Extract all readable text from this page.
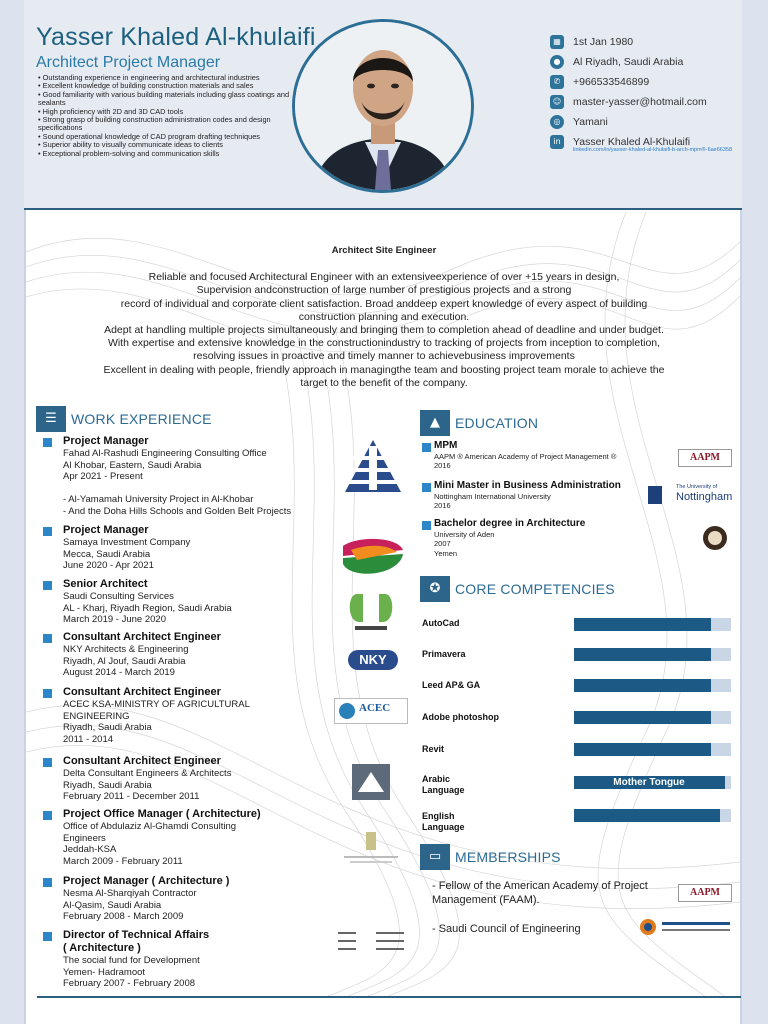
Yasser Khaled Al-khulaifi
Architect Project Manager
• Outstanding experience in engineering and architectural industries
• Excellent knowledge of building construction materials and sales
• Good familiarity with various building materials including glass coatings and sealants
• High proficiency with 2D and 3D CAD tools
• Strong grasp of building construction administration codes and design specifications
• Sound operational knowledge of CAD program drafting techniques
• Superior ability to visually communicate ideas to clients
• Exceptional problem-solving and communication skills
▦	1st Jan 1980
●	Al Riyadh, Saudi Arabia
✆	+966533546899
☺ master-yasser@hotmail.com
◎	Yamani
in	Yasser Khaled Al-Khulaifi
linkedin.com/in/yasser-khaled-al-khulaifi-b-arch-mpm®-6ae66358
Architect Site Engineer
Reliable and focused Architectural Engineer with an extensiveexperience of over +15 years in design,
Supervision andconstruction of large number of prestigious projects and a strong
record of individual and corporate client satisfaction. Broad anddeep expert knowledge of every aspect of building
construction planning and execution.
Adept at handling multiple projects simultaneously and bringing them to completion ahead of deadline and under budget.
With expertise and extensive knowledge in the constructionindustry to tracking of projects from inception to completion,
resolving issues in proactive and timely manner to achievebusiness improvements
Excellent in dealing with people, friendly approach in managingthe team and boosting project team morale to achieve the
target to the benefit of the company.
☰	WORK EXPERIENCE
Project Manager
Fahad Al-Rashudi Engineering Consulting Office
Al Khobar, Eastern, Saudi Arabia
Apr 2021 - Present
- Al-Yamamah University Project in Al-Khobar
- And the Doha Hills Schools and Golden Belt Projects
Project Manager
Samaya Investment Company
Mecca, Saudi Arabia
June 2020 - Apr 2021
Senior Architect
Saudi Consulting Services
AL - Kharj, Riyadh Region, Saudi Arabia
March 2019 - June 2020
Consultant Architect Engineer
NKY Architects & Engineering
Riyadh, Al Jouf, Saudi Arabia
August 2014 - March 2019
Consultant Architect Engineer
ACEC KSA-MINISTRY OF AGRICULTURAL
ENGINEERING
Riyadh, Saudi Arabia
2011 - 2014
Consultant Architect Engineer
Delta Consultant Engineers & Architects
Riyadh, Saudi Arabia
February 2011 - December 2011
Project Office Manager ( Architecture)
Office of Abdulaziz Al-Ghamdi Consulting
Engineers
Jeddah-KSA
March 2009 - February 2011
Project Manager ( Architecture )
Nesma Al-Sharqiyah Contractor
Al-Qasim, Saudi Arabia
February 2008 - March 2009
Director of Technical Affairs
( Architecture )
The social fund for Development
Yemen- Hadramoot
February 2007 - February 2008
NKY
ACEC
▲	EDUCATION
MPM
AAPM ® American Academy of Project Management ®
2016
Mini Master in Business Administration
Nottingham International University
2016
Bachelor degree in Architecture
University of Aden
2007
Yemen
AAPM
The University of
Nottingham
✪	CORE COMPETENCIES
AutoCad
Primavera
Leed AP& GA
Adobe photoshop
Revit
Arabic
Language
Mother Tongue
English
Language
▭ MEMBERSHIPS
- Fellow of the American Academy of Project Management (FAAM).
- Saudi Council of Engineering
AAPM
